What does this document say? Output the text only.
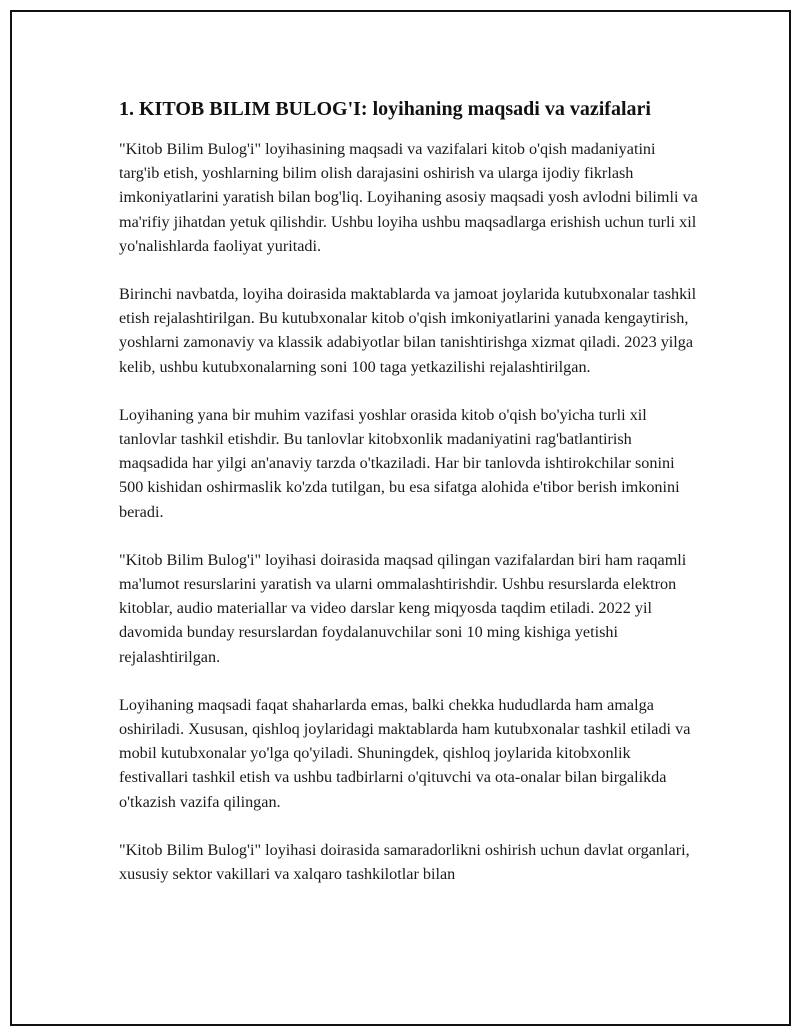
1. KITOB BILIM BULOG'I: loyihaning maqsadi va vazifalari

"Kitob Bilim Bulog'i" loyihasining maqsadi va vazifalari kitob o'qish madaniyatini targ'ib etish, yoshlarning bilim olish darajasini oshirish va ularga ijodiy fikrlash imkoniyatlarini yaratish bilan bog'liq. Loyihaning asosiy maqsadi yosh avlodni bilimli va ma'rifiy jihatdan yetuk qilishdir. Ushbu loyiha ushbu maqsadlarga erishish uchun turli xil yo'nalishlarda faoliyat yuritadi.

Birinchi navbatda, loyiha doirasida maktablarda va jamoat joylarida kutubxonalar tashkil etish rejalashtirilgan. Bu kutubxonalar kitob o'qish imkoniyatlarini yanada kengaytirish, yoshlarni zamonaviy va klassik adabiyotlar bilan tanishtirishga xizmat qiladi. 2023 yilga kelib, ushbu kutubxonalarning soni 100 taga yetkazilishi rejalashtirilgan.

Loyihaning yana bir muhim vazifasi yoshlar orasida kitob o'qish bo'yicha turli xil tanlovlar tashkil etishdir. Bu tanlovlar kitobxonlik madaniyatini rag'batlantirish maqsadida har yilgi an'anaviy tarzda o'tkaziladi. Har bir tanlovda ishtirokchilar sonini 500 kishidan oshirmaslik ko'zda tutilgan, bu esa sifatga alohida e'tibor berish imkonini beradi.

"Kitob Bilim Bulog'i" loyihasi doirasida maqsad qilingan vazifalardan biri ham raqamli ma'lumot resurslarini yaratish va ularni ommalashtirishdir. Ushbu resurslarda elektron kitoblar, audio materiallar va video darslar keng miqyosda taqdim etiladi. 2022 yil davomida bunday resurslardan foydalanuvchilar soni 10 ming kishiga yetishi rejalashtirilgan.

Loyihaning maqsadi faqat shaharlarda emas, balki chekka hududlarda ham amalga oshiriladi. Xususan, qishloq joylaridagi maktablarda ham kutubxonalar tashkil etiladi va mobil kutubxonalar yo'lga qo'yiladi. Shuningdek, qishloq joylarida kitobxonlik festivallari tashkil etish va ushbu tadbirlarni o'qituvchi va ota-onalar bilan birgalikda o'tkazish vazifa qilingan.

"Kitob Bilim Bulog'i" loyihasi doirasida samaradorlikni oshirish uchun davlat organlari, xususiy sektor vakillari va xalqaro tashkilotlar bilan
